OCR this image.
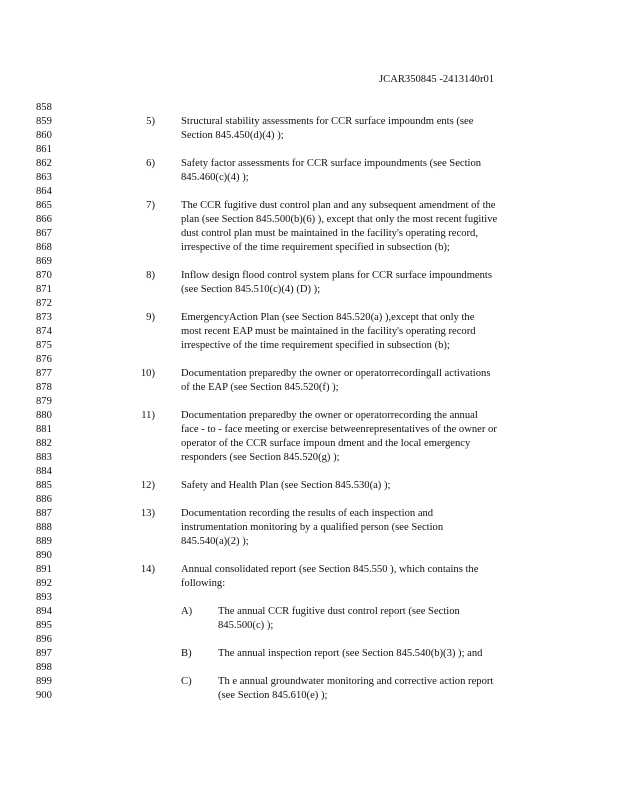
JCAR350845 -2413140r01
858
859
860
861
862
863
864
865
866
867
868
869
870
871
872
873
874
875
876
877
878
879
880
881
882
883
884
885
886
887
888
889
890
891
892
893
894
895
896
897
898
899
900
5) Structural stability assessments for CCR surface impoundm ents (see
Section 845.450(d)(4) );
6) Safety factor assessments for CCR surface impoundments (see Section
845.460(c)(4) );
7) The CCR fugitive dust control plan and any subsequent amendment of the
plan (see Section 845.500(b)(6) ), except that only the most recent fugitive
dust control plan must be maintained in the facility's operating record,
irrespective of the time requirement specified in subsection (b);
8) Inflow design flood control system plans for CCR surface impoundments
(see Section 845.510(c)(4) (D) );
9) EmergencyAction Plan (see Section 845.520(a) ),except that only the
most recent EAP must be maintained in the facility's operating record
irrespective of the time requirement specified in subsection (b);
10) Documentation preparedby the owner or operatorrecordingall activations
of the EAP (see Section 845.520(f) );
11) Documentation preparedby the owner or operatorrecording the annual
face - to - face meeting or exercise betweenrepresentatives of the owner or
operator of the CCR surface impoun dment and the local emergency
responders (see Section 845.520(g) );
12) Safety and Health Plan (see Section 845.530(a) );
13) Documentation recording the results of each inspection and
instrumentation monitoring by a qualified person (see Section
845.540(a)(2) );
14) Annual consolidated report (see Section 845.550 ), which contains the
following:
A) The annual CCR fugitive dust control report (see Section
845.500(c) );
B) The annual inspection report (see Section 845.540(b)(3) ); and
C) Th e annual groundwater monitoring and corrective action report
(see Section 845.610(e) );
